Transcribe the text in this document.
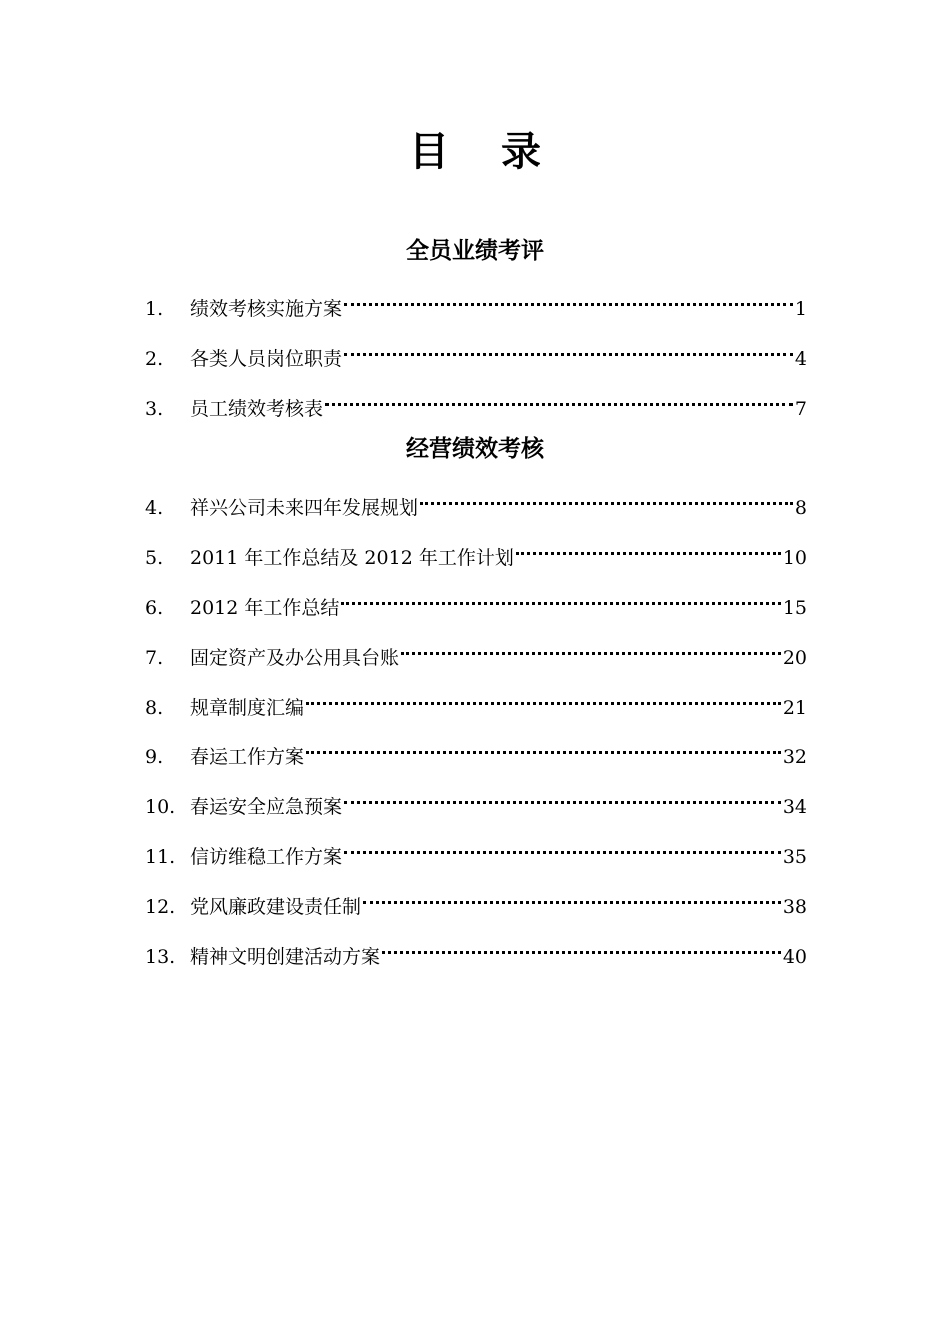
目 录
全员业绩考评
1.	绩效考核实施方案	1
2.	各类人员岗位职责	4
3.	员工绩效考核表	7
经营绩效考核
4.	祥兴公司未来四年发展规划	8
5.	2011 年工作总结及 2012 年工作计划	10
6.	2012 年工作总结	15
7.	固定资产及办公用具台账	20
8.	规章制度汇编	21
9.	春运工作方案	32
10. 春运安全应急预案	34
11. 信访维稳工作方案	35
12. 党风廉政建设责任制	38
13. 精神文明创建活动方案	40
